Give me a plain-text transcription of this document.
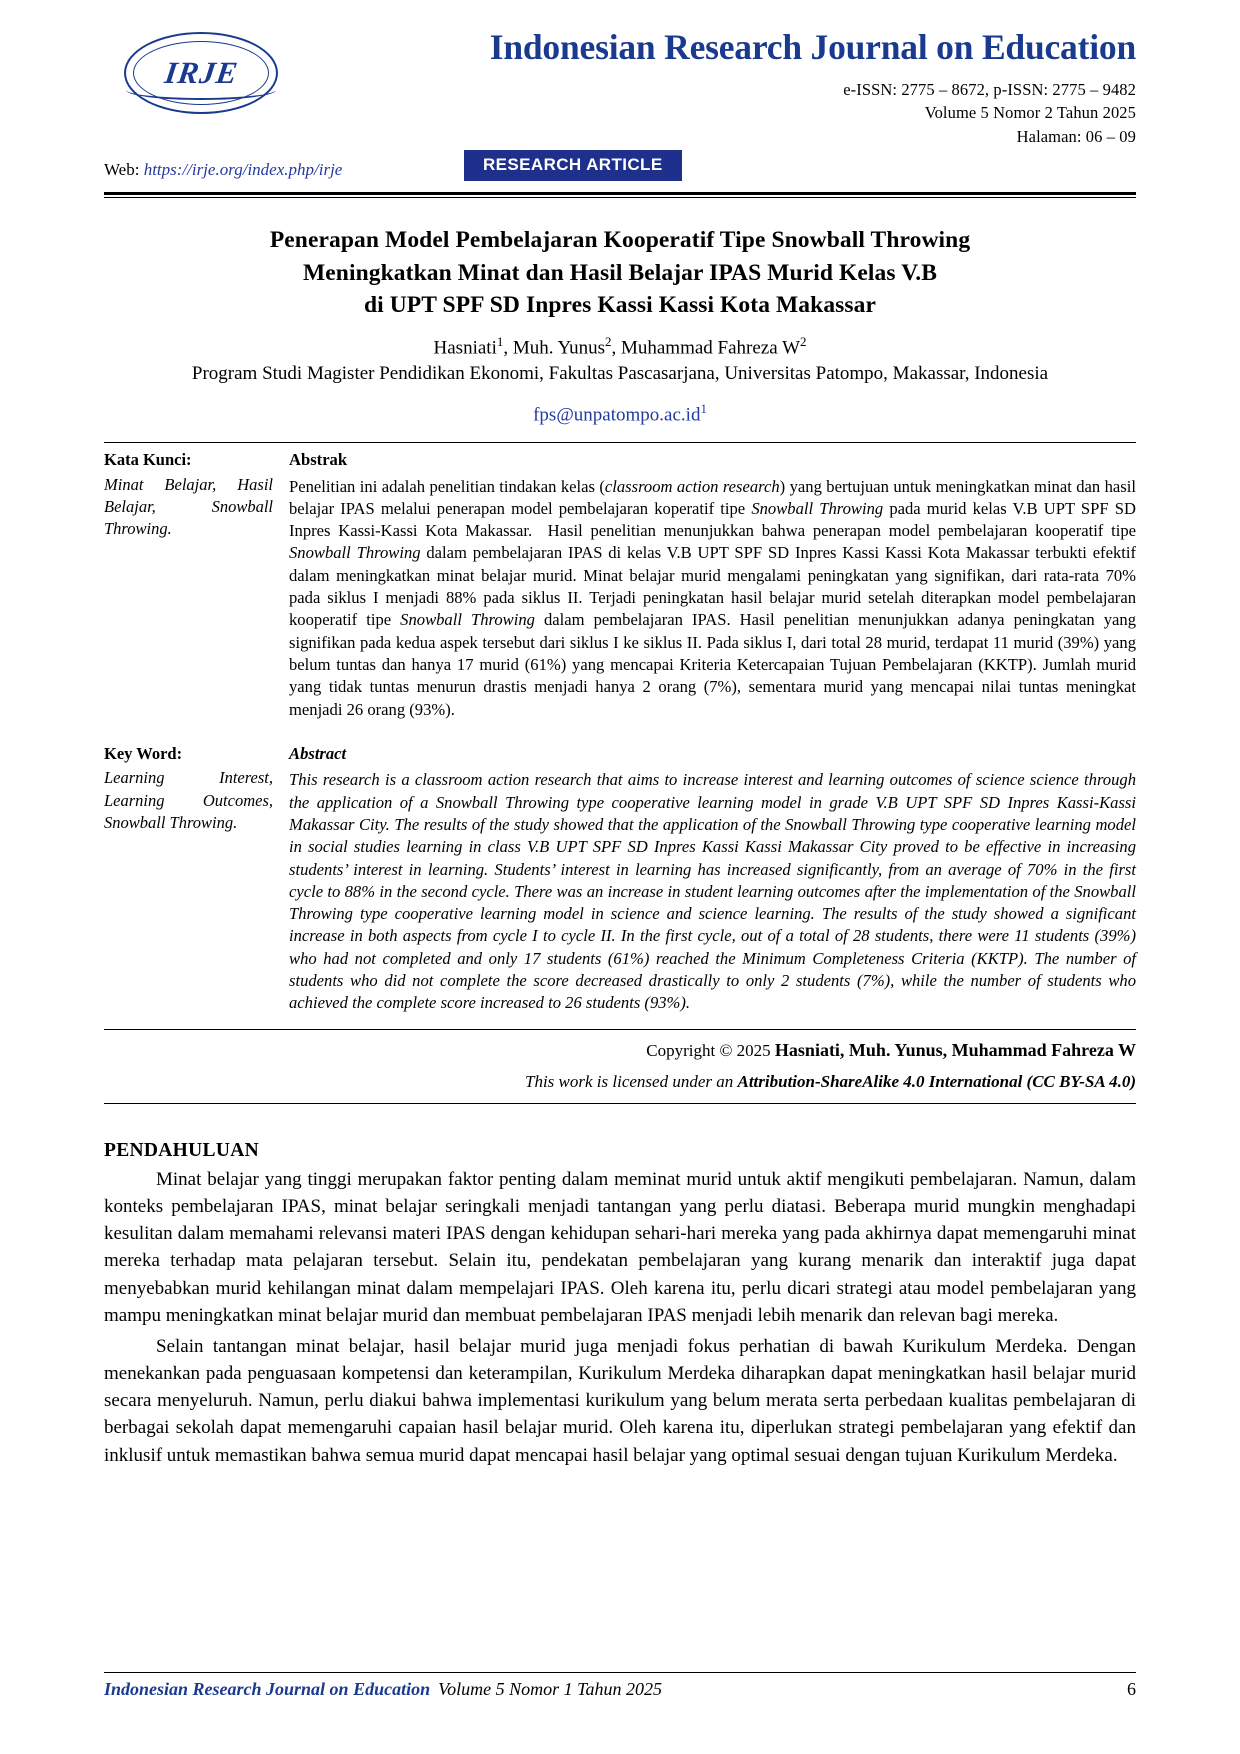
IRJE
Indonesian Research Journal on Education
e-ISSN: 2775 – 8672, p-ISSN: 2775 – 9482
Volume 5 Nomor 2 Tahun 2025
Halaman: 06 – 09
Web: https://irje.org/index.php/irje	RESEARCH ARTICLE
Penerapan Model Pembelajaran Kooperatif Tipe Snowball Throwing
Meningkatkan Minat dan Hasil Belajar IPAS Murid Kelas V.B
di UPT SPF SD Inpres Kassi Kassi Kota Makassar
Hasniati$^1$, Muh. Yunus$^2$, Muhammad Fahreza $W^2$
Program Studi Magister Pendidikan Ekonomi, Fakultas Pascasarjana, Universitas Patompo, Makassar, Indonesia
$fps@unpatompo.ac.id^1$
Kata Kunci:
Minat Belajar, Hasil Belajar, Snowball Throwing.
Abstrak
Penelitian ini adalah penelitian tindakan kelas (classroom action research) yang bertujuan untuk meningkatkan minat dan hasil belajar IPAS melalui penerapan model pembelajaran koperatif tipe Snowball Throwing pada murid kelas V.B UPT SPF SD Inpres Kassi-Kassi Kota Makassar.  Hasil penelitian menunjukkan bahwa penerapan model pembelajaran kooperatif tipe Snowball Throwing dalam pembelajaran IPAS di kelas V.B UPT SPF SD Inpres Kassi Kassi Kota Makassar terbukti efektif dalam meningkatkan minat belajar murid. Minat belajar murid mengalami peningkatan yang signifikan, dari rata-rata 70% pada siklus I menjadi 88% pada siklus II. Terjadi peningkatan hasil belajar murid setelah diterapkan model pembelajaran kooperatif tipe Snowball Throwing dalam pembelajaran IPAS. Hasil penelitian menunjukkan adanya peningkatan yang signifikan pada kedua aspek tersebut dari siklus I ke siklus II. Pada siklus I, dari total 28 murid, terdapat 11 murid (39%) yang belum tuntas dan hanya 17 murid (61%) yang mencapai Kriteria Ketercapaian Tujuan Pembelajaran (KKTP). Jumlah murid yang tidak tuntas menurun drastis menjadi hanya 2 orang (7%), sementara murid yang mencapai nilai tuntas meningkat menjadi 26 orang (93%).
Key Word:
Learning Interest, Learning Outcomes, Snowball Throwing.
Abstract
This research is a classroom action research that aims to increase interest and learning outcomes of science science through the application of a Snowball Throwing type cooperative learning model in grade V.B UPT SPF SD Inpres Kassi-Kassi Makassar City. The results of the study showed that the application of the Snowball Throwing type cooperative learning model in social studies learning in class V.B UPT SPF SD Inpres Kassi Kassi Makassar City proved to be effective in increasing students’ interest in learning. Students’ interest in learning has increased significantly, from an average of 70% in the first cycle to 88% in the second cycle. There was an increase in student learning outcomes after the implementation of the Snowball Throwing type cooperative learning model in science and science learning. The results of the study showed a significant increase in both aspects from cycle I to cycle II. In the first cycle, out of a total of 28 students, there were 11 students (39%) who had not completed and only 17 students (61%) reached the Minimum Completeness Criteria (KKTP). The number of students who did not complete the score decreased drastically to only 2 students (7%), while the number of students who achieved the complete score increased to 26 students (93%).
Copyright © 2025 Hasniati, Muh. Yunus, Muhammad Fahreza W
This work is licensed under an Attribution-ShareAlike 4.0 International (CC BY-SA 4.0)
PENDAHULUAN
Minat belajar yang tinggi merupakan faktor penting dalam meminat murid untuk aktif mengikuti pembelajaran. Namun, dalam konteks pembelajaran IPAS, minat belajar seringkali menjadi tantangan yang perlu diatasi. Beberapa murid mungkin menghadapi kesulitan dalam memahami relevansi materi IPAS dengan kehidupan sehari-hari mereka yang pada akhirnya dapat memengaruhi minat mereka terhadap mata pelajaran tersebut. Selain itu, pendekatan pembelajaran yang kurang menarik dan interaktif juga dapat menyebabkan murid kehilangan minat dalam mempelajari IPAS. Oleh karena itu, perlu dicari strategi atau model pembelajaran yang mampu meningkatkan minat belajar murid dan membuat pembelajaran IPAS menjadi lebih menarik dan relevan bagi mereka.
Selain tantangan minat belajar, hasil belajar murid juga menjadi fokus perhatian di bawah Kurikulum Merdeka. Dengan menekankan pada penguasaan kompetensi dan keterampilan, Kurikulum Merdeka diharapkan dapat meningkatkan hasil belajar murid secara menyeluruh. Namun, perlu diakui bahwa implementasi kurikulum yang belum merata serta perbedaan kualitas pembelajaran di berbagai sekolah dapat memengaruhi capaian hasil belajar murid. Oleh karena itu, diperlukan strategi pembelajaran yang efektif dan inklusif untuk memastikan bahwa semua murid dapat mencapai hasil belajar yang optimal sesuai dengan tujuan Kurikulum Merdeka.
Indonesian Research Journal on Education Volume 5 Nomor 1 Tahun 2025	6
